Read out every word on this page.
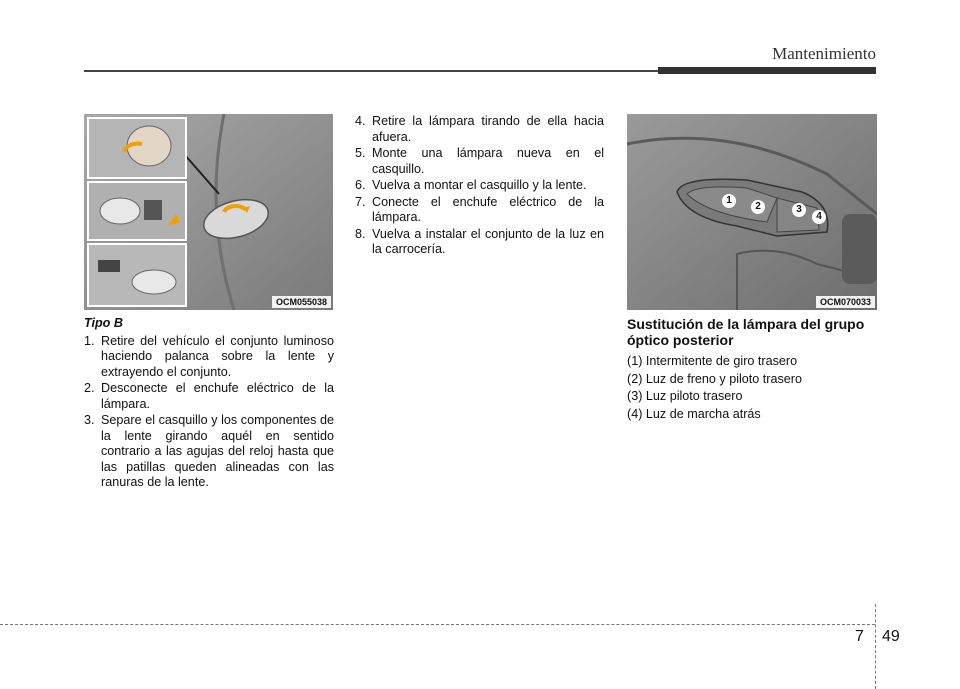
Mantenimiento
OCM055038
1
2	3
4
OCM070033
Tipo B
1. Retire del vehículo el conjunto luminoso haciendo palanca sobre la lente y extrayendo el conjunto.
2. Desconecte el enchufe eléctrico de la lámpara.
3. Separe el casquillo y los componentes de la lente girando aquél en sentido contrario a las agujas del reloj hasta que las patillas queden alineadas con las ranuras de la lente.
4. Retire la lámpara tirando de ella hacia afuera.
5. Monte una lámpara nueva en el casquillo.
6. Vuelva a montar el casquillo y la lente.
7. Conecte el enchufe eléctrico de la lámpara.
8. Vuelva a instalar el conjunto de la luz en la carrocería.
Sustitución de la lámpara del grupo óptico posterior
(1) Intermitente de giro trasero
(2) Luz de freno y piloto trasero
(3) Luz piloto trasero
(4) Luz de marcha atrás
7 49
